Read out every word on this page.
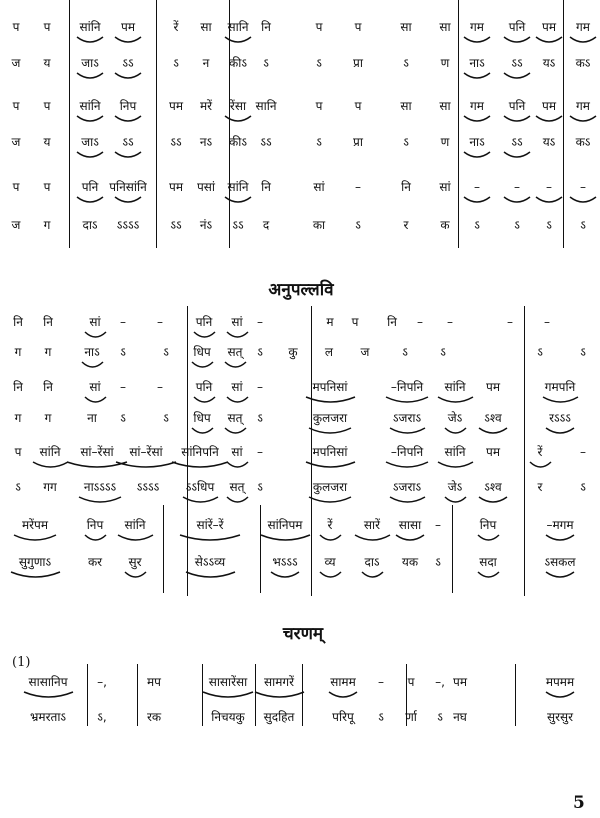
प प सांनि पम	रें सा सानि नि	प	प	सा सा गम पनि पम गम
ज य	जाऽ ऽऽ	ऽ न कीऽ ऽ	ऽ	प्रा	ऽ	ण नाऽ ऽऽ यऽ कऽ
प प सांनि निप	पम मरें रेंसा सानि	प	प	सा सा गम पनि पम गम
ज य	जाऽ ऽऽ	ऽऽ नऽ कीऽ ऽऽ	ऽ	प्रा	ऽ	ण नाऽ ऽऽ यऽ कऽ
प प	पनि पनिसांनि पम पसां सांनि नि	सां	–	नि सां –	– – –
ज ग	दाऽ ऽऽऽऽ	ऽऽ नंऽ ऽऽ द	का	ऽ	र	क ऽ	ऽ ऽ ऽ
अनुपल्लवि
नि नि	सां –	–	पनि सां –	म प नि – –	–	–
ग ग	नाऽ ऽ	ऽ धिप सत् ऽ कु ल ज	ऽ	ऽ	ऽ	ऽ
नि नि	सां –	–	पनि सां –	मपनिसां	–निपनि सांनि पम	गमपनि
ग ग	ना ऽ	ऽ धिप सत् ऽ	कुलजरा	ऽजराऽ जेऽ ऽश्व	रऽऽऽ
प सांनि सां–रेंसां सां–रेंसां सांनिपनि सां –	मपनिसां	–निपनि सांनि पम	रें	–
ऽ गग नाऽऽऽऽ ऽऽऽऽ ऽऽधिप सत् ऽ	कुलजरा	ऽजराऽ जेऽ ऽश्व	र	ऽ
मरेंपम	निप सांनि	सांरें–रें	सांनिपम रें	सारें सासा –	निप	–मगम
सुगुणाऽ	कर सुर	सेऽऽव्य	भऽऽऽ व्य दाऽ यक ऽ	सदा	ऽसकल
चरणम्
(1)
सासानिप –,	मप	सासारेंसा सामगरें	सामम – प –, पम	मपमम
भ्रमरताऽ	ऽ,	रक	निचयकु सुदहित	परिपू ऽ र्णा ऽ नघ	सुरसुर
5
